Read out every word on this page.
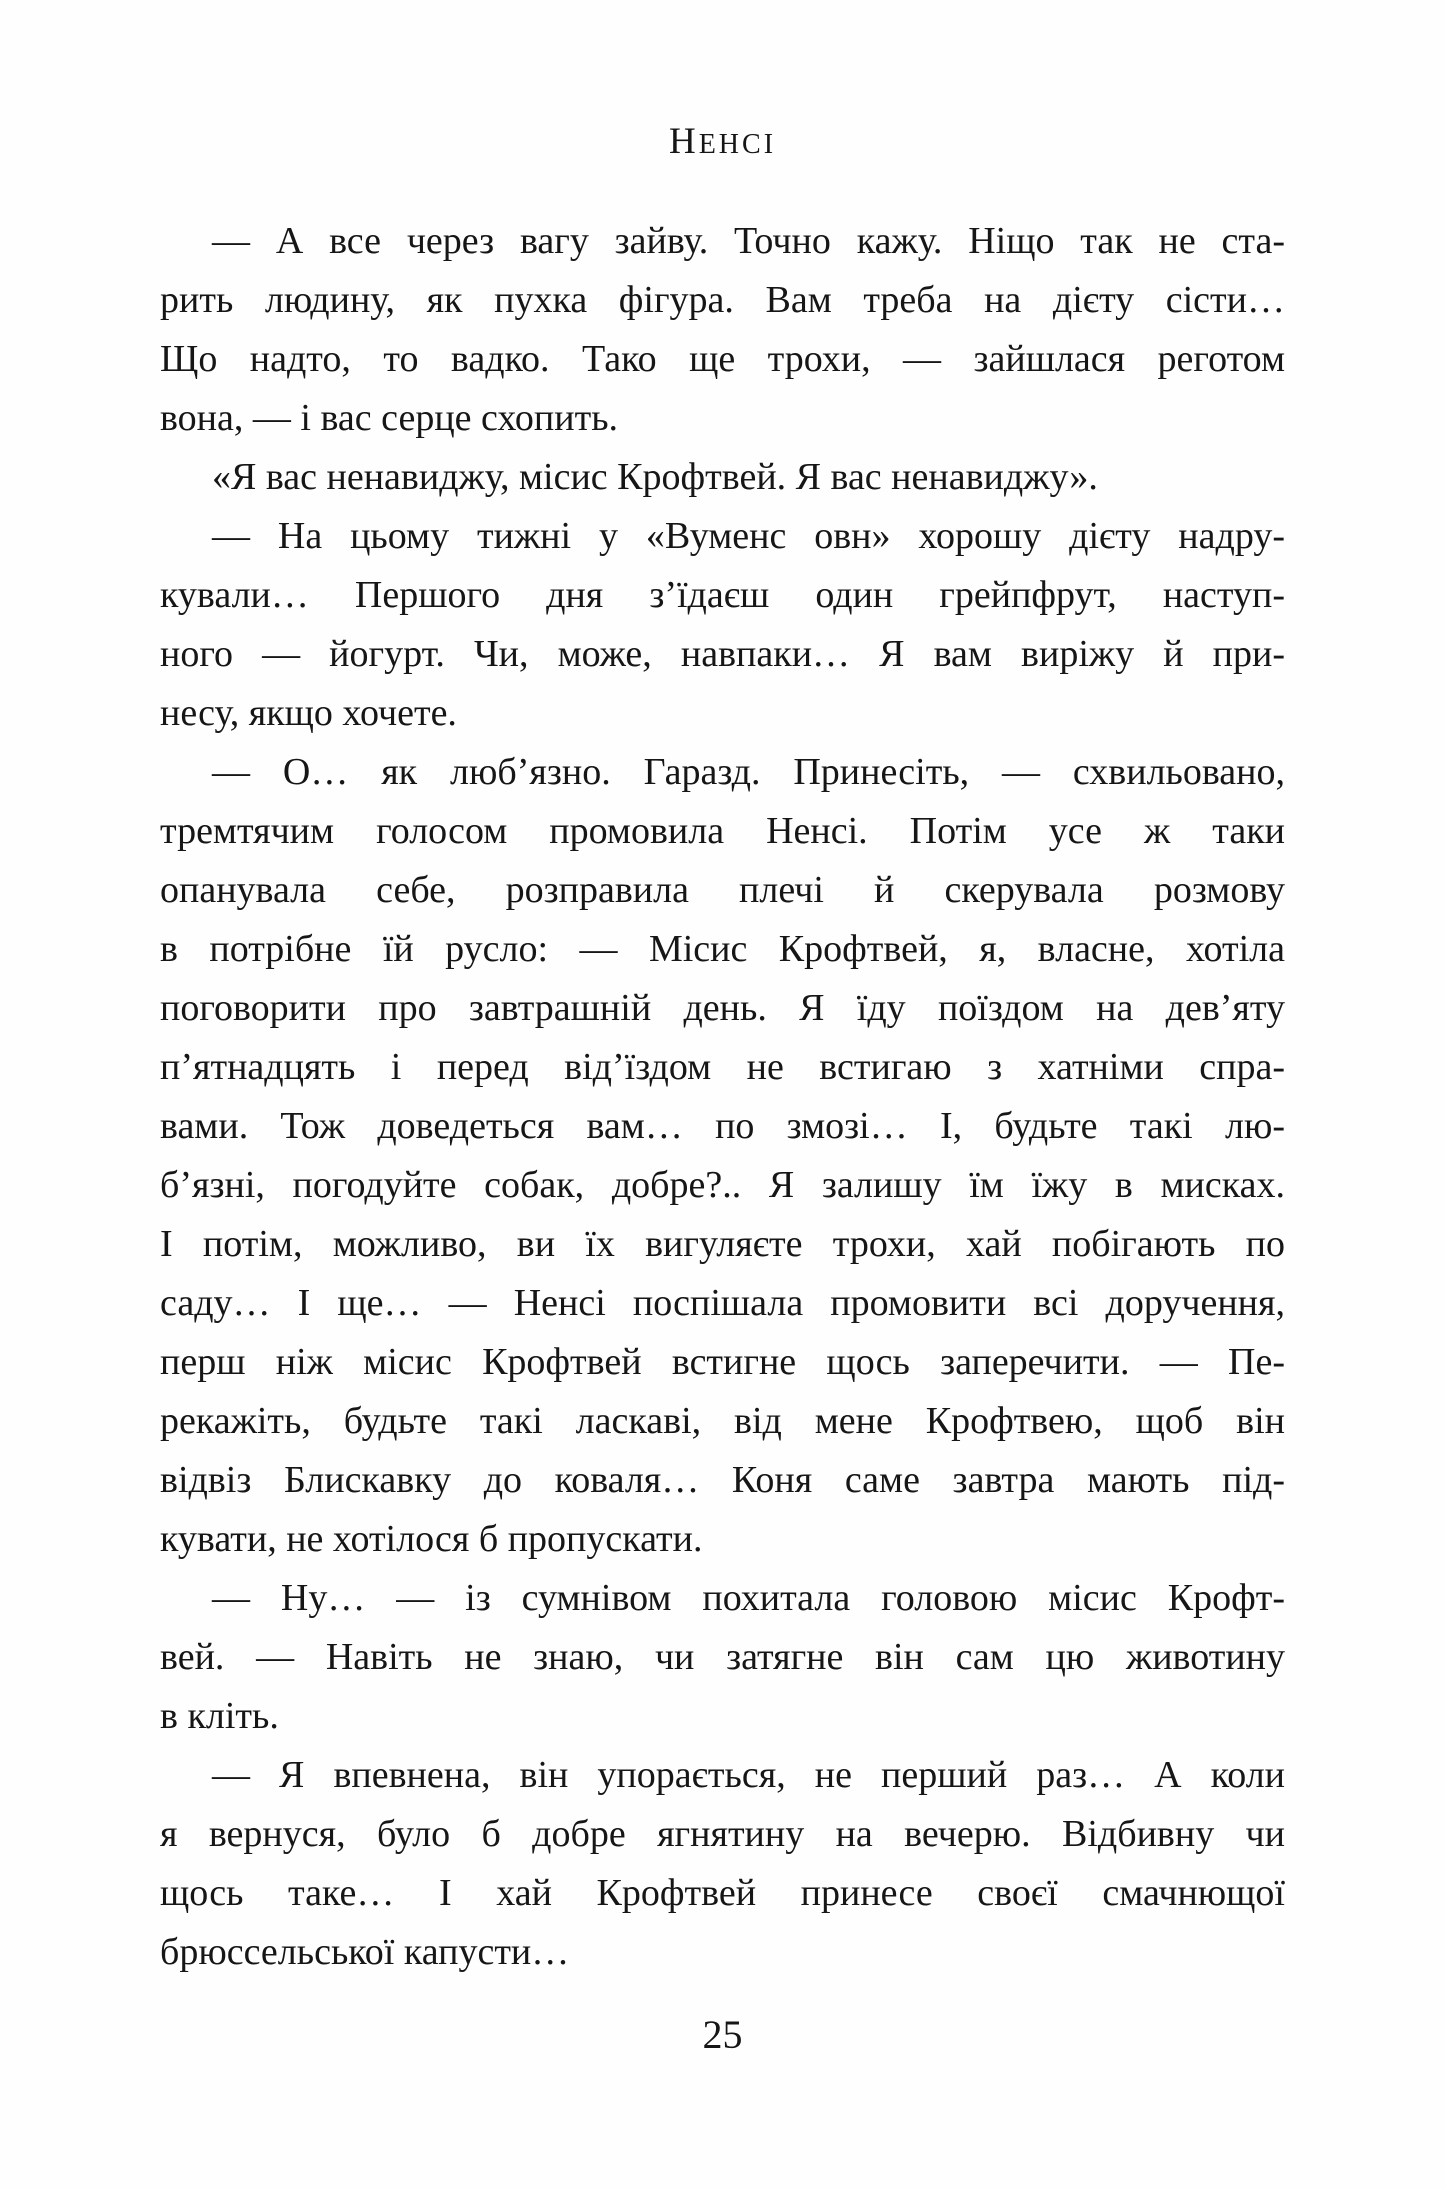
НЕНСІ
— А все через вагу зайву. Точно кажу. Ніщо так не ста-
рить людину, як пухка фігура. Вам треба на дієту сісти…
Що надто, то вадко. Тако ще трохи, — зайшлася реготом
вона, — і вас серце схопить.
«Я вас ненавиджу, місис Крофтвей. Я вас ненавиджу».
— На цьому тижні у «Вуменс овн» хорошу дієту надру-
кували… Першого дня з’їдаєш один грейпфрут, наступ-
ного — йогурт. Чи, може, навпаки… Я вам виріжу й при-
несу, якщо хочете.
— О… як люб’язно. Гаразд. Принесіть, — схвильовано,
тремтячим голосом промовила Ненсі. Потім усе ж таки
опанувала себе, розправила плечі й скерувала розмову
в потрібне їй русло: — Місис Крофтвей, я, власне, хотіла
поговорити про завтрашній день. Я їду поїздом на дев’яту
п’ятнадцять і перед від’їздом не встигаю з хатніми спра-
вами. Тож доведеться вам… по змозі… І, будьте такі лю-
б’язні, погодуйте собак, добре?.. Я залишу їм їжу в мисках.
І потім, можливо, ви їх вигуляєте трохи, хай побігають по
саду… І ще… — Ненсі поспішала промовити всі доручення,
перш ніж місис Крофтвей встигне щось заперечити. — Пе-
рекажіть, будьте такі ласкаві, від мене Крофтвею, щоб він
відвіз Блискавку до коваля… Коня саме завтра мають під-
кувати, не хотілося б пропускати.
— Ну… — із сумнівом похитала головою місис Крофт-
вей. — Навіть не знаю, чи затягне він сам цю животину
в кліть.
— Я впевнена, він упорається, не перший раз… А коли
я вернуся, було б добре ягнятину на вечерю. Відбивну чи
щось таке… І хай Крофтвей принесе своєї смачнющої
брюссельської капусти…
25
